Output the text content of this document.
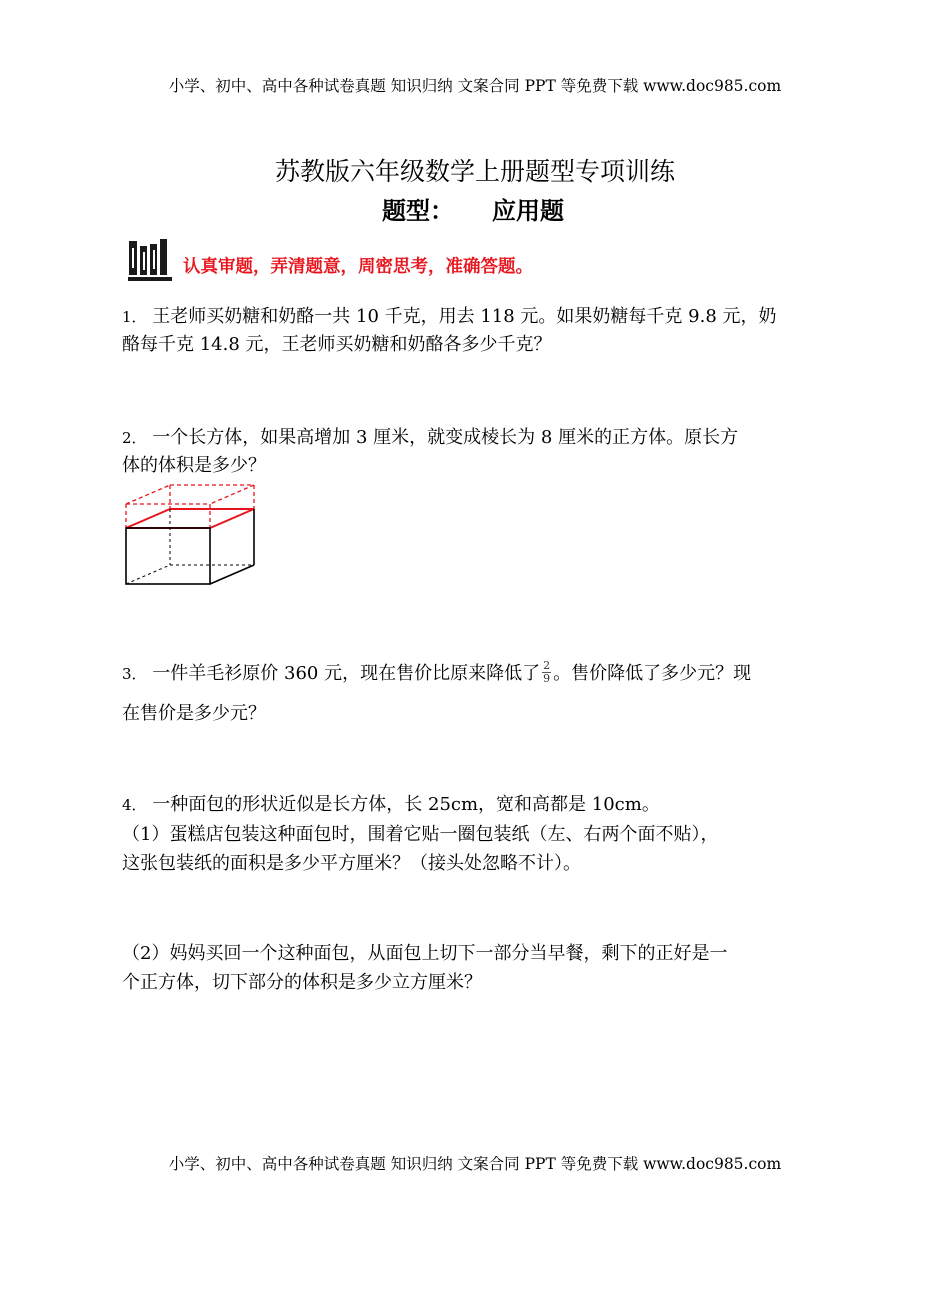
小学、初中、高中各种试卷真题 知识归纳 文案合同 PPT 等免费下载 www.doc985.com
苏教版六年级数学上册题型专项训练
题型： 应用题
认真审题，弄清题意，周密思考，准确答题。
1． 王老师买奶糖和奶酪一共 10 千克，用去 118 元。如果奶糖每千克 9.8 元，奶
酪每千克 14.8 元，王老师买奶糖和奶酪各多少千克？
2． 一个长方体，如果高增加 3 厘米，就变成棱长为 8 厘米的正方体。原长方
体的体积是多少？
3． 一件羊毛衫原价 360 元，现在售价比原来降低了 $\frac{2}{9}$ 。售价降低了多少元？现
在售价是多少元？
4． 一种面包的形状近似是长方体，长 25cm，宽和高都是 10cm。
（1）蛋糕店包装这种面包时，围着它贴一圈包装纸（左、右两个面不贴），
这张包装纸的面积是多少平方厘米？（接头处忽略不计）。
（2）妈妈买回一个这种面包，从面包上切下一部分当早餐，剩下的正好是一
个正方体，切下部分的体积是多少立方厘米？
小学、初中、高中各种试卷真题 知识归纳 文案合同 PPT 等免费下载 www.doc985.com
